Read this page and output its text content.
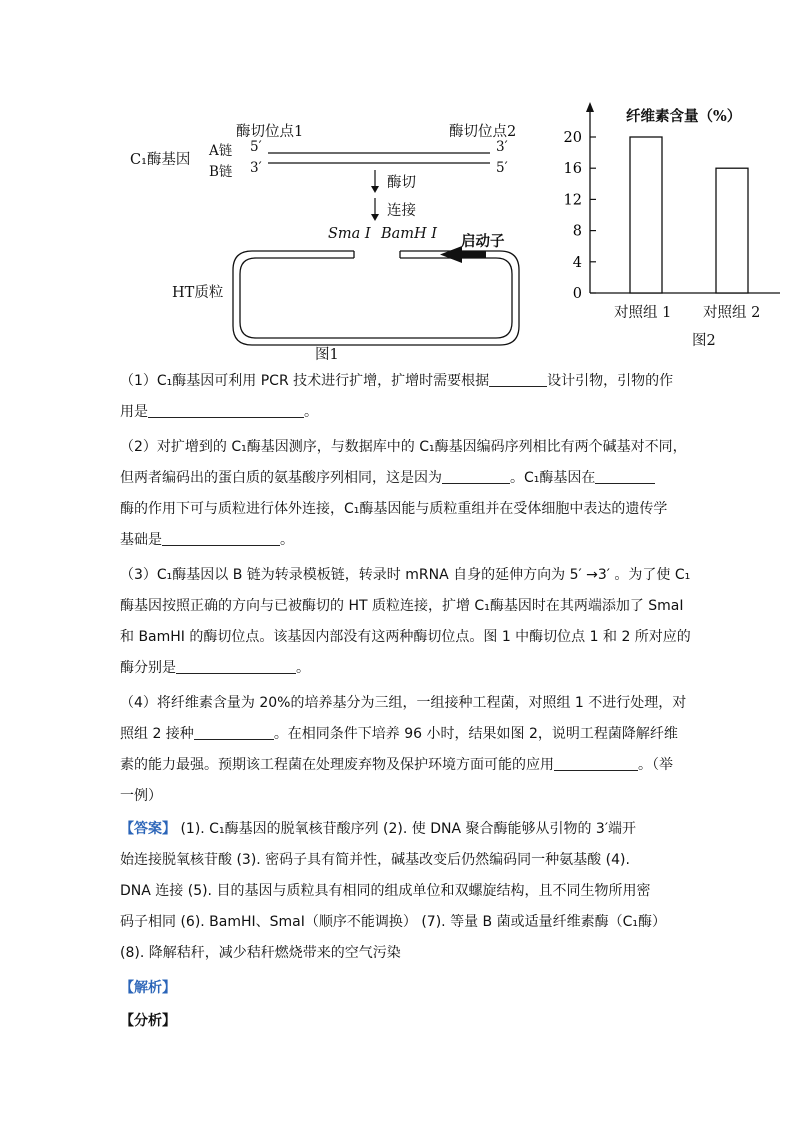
酶切位点1	酶切位点2
C₁酶基因
A链 5′	3′
B链 3′	5′
酶切
连接
Sma Ⅰ BamH Ⅰ 启动子
HT质粒
图1
0
4
8
12
16
20
纤维素含量（%）
对照组 1 对照组 2
图2
（1）C₁酶基因可利用 PCR 技术进行扩增，扩增时需要根据	设计引物，引物的作
用是	。
（2）对扩增到的 C₁酶基因测序，与数据库中的 C₁酶基因编码序列相比有两个碱基对不同，
但两者编码出的蛋白质的氨基酸序列相同，这是因为	。C₁酶基因在
酶的作用下可与质粒进行体外连接，C₁酶基因能与质粒重组并在受体细胞中表达的遗传学
基础是	。
（3）C₁酶基因以 B 链为转录模板链，转录时 mRNA 自身的延伸方向为 5′ →3′ 。为了使 C₁
酶基因按照正确的方向与已被酶切的 HT 质粒连接，扩增 C₁酶基因时在其两端添加了 SmaI
和 BamHI 的酶切位点。该基因内部没有这两种酶切位点。图 1 中酶切位点 1 和 2 所对应的
酶分别是	。
（4）将纤维素含量为 20%的培养基分为三组，一组接种工程菌，对照组 1 不进行处理，对
照组 2 接种	。在相同条件下培养 96 小时，结果如图 2，说明工程菌降解纤维
素的能力最强。预期该工程菌在处理废弃物及保护环境方面可能的应用	。（举
一例）
【答案】 (1). C₁酶基因的脱氧核苷酸序列 (2). 使 DNA 聚合酶能够从引物的 3′端开
始连接脱氧核苷酸 (3). 密码子具有简并性，碱基改变后仍然编码同一种氨基酸 (4).
DNA 连接 (5). 目的基因与质粒具有相同的组成单位和双螺旋结构，且不同生物所用密
码子相同 (6). BamHI、SmaI（顺序不能调换） (7). 等量 B 菌或适量纤维素酶（C₁酶）
(8). 降解秸秆，减少秸秆燃烧带来的空气污染
【解析】
【分析】
